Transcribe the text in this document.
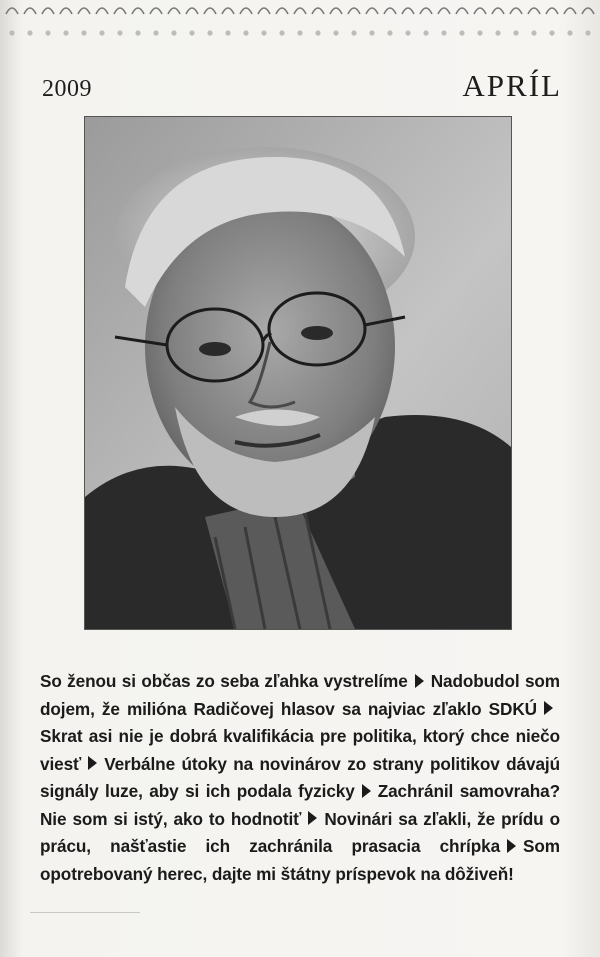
2009	APRÍL
So ženou si občas zo seba zľahka vystrelíme Nadobudol som dojem, že milióna Radičovej hlasov sa najviac zľaklo SDKÚSkrat asi nie je dobrá kvalifikácia pre politika, ktorý chce niečo viesť Verbálne útoky na novinárov zo strany politikov dávajú signály luze, aby si ich podala fyzicky Zachránil samovraha? Nie som si istý, ako to hodnotiť Novinári sa zľakli, že prídu o prácu, našťastie ich zachránila prasacia chrípka Som opotrebovaný herec, dajte mi štátny príspevok na dôživeň!
